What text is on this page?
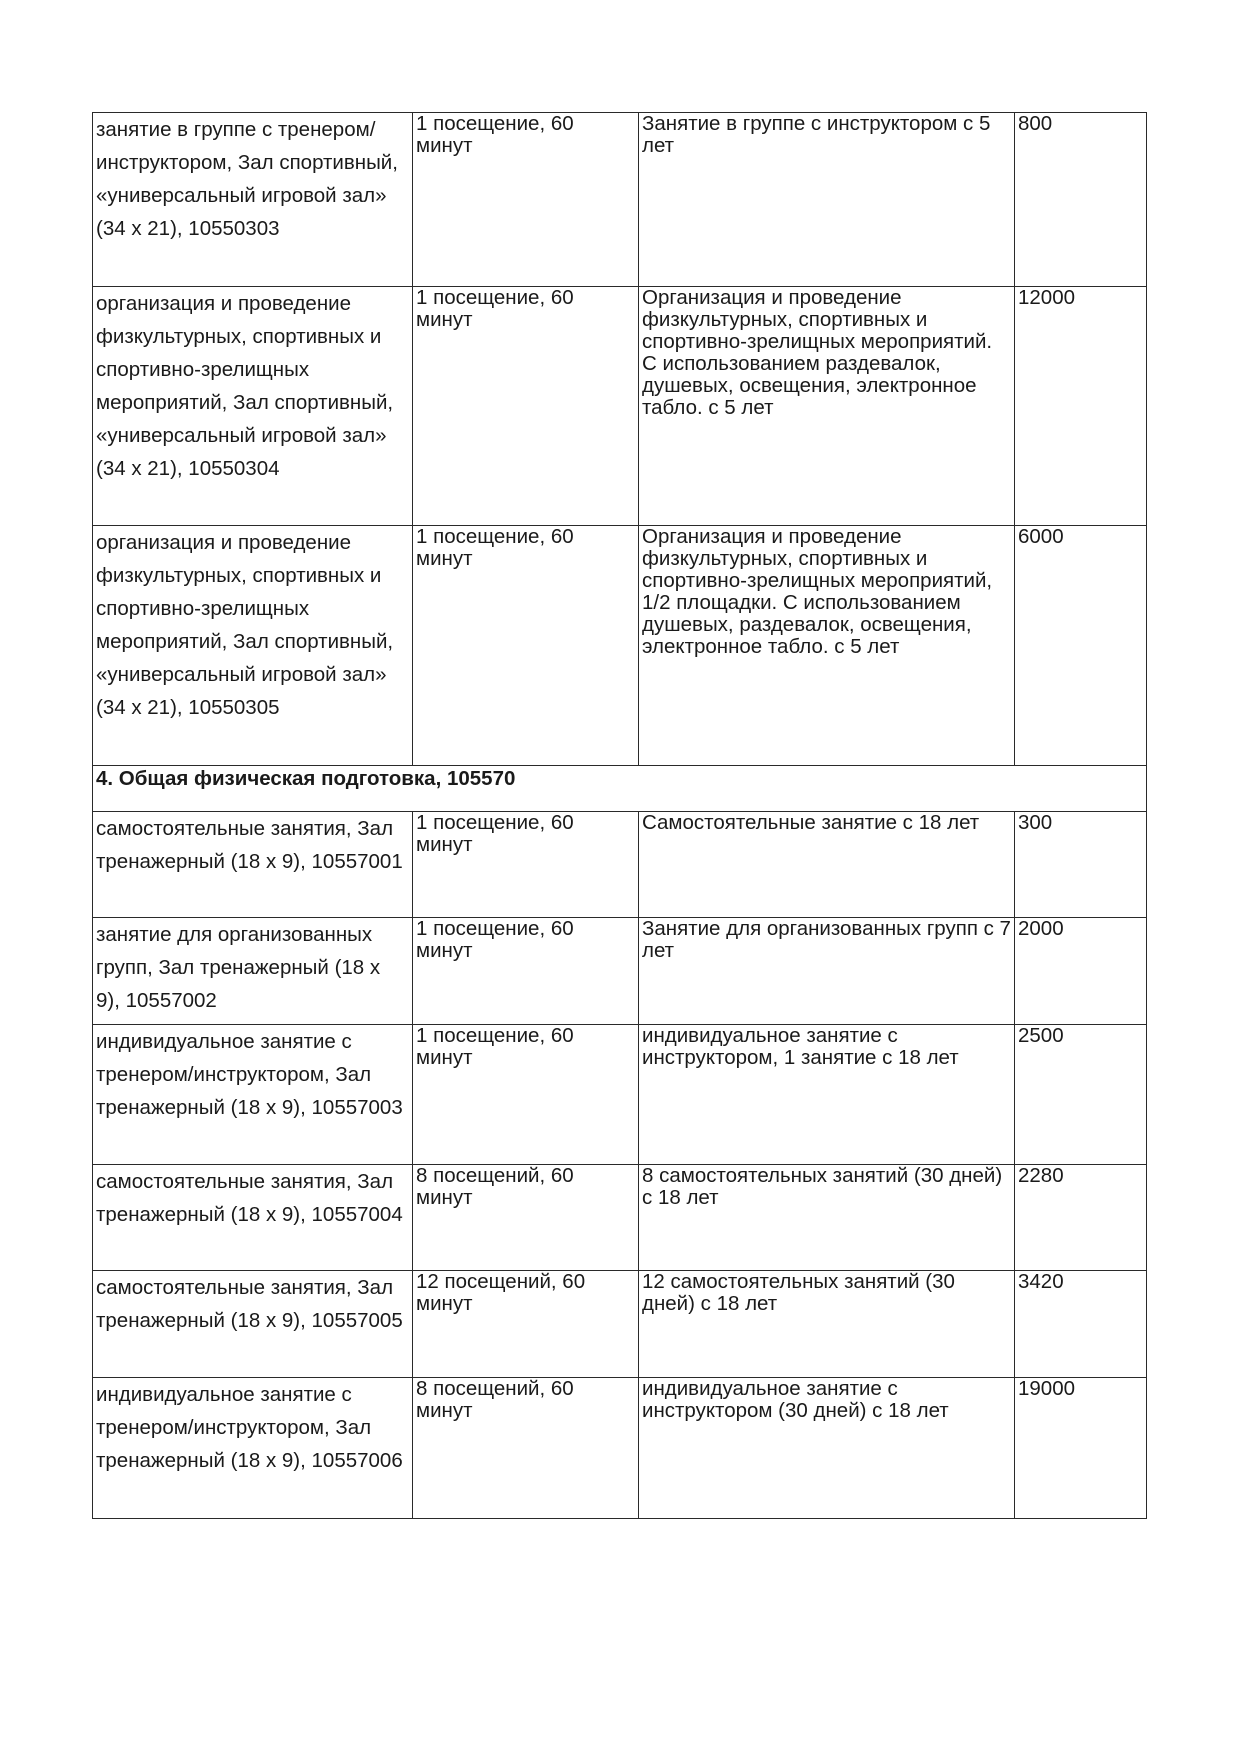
занятие в группе с тренером/инструктором, Зал спортивный, «универсальный игровой зал» (34 х 21), 10550303	1 посещение, 60 минут	Занятие в группе с инструктором с 5 лет	800
организация и проведение физкультурных, спортивных и спортивно-зрелищных мероприятий, Зал спортивный, «универсальный игровой зал» (34 х 21), 10550304	1 посещение, 60 минут	Организация и проведение физкультурных, спортивных и спортивно-зрелищных мероприятий. С использованием раздевалок, душевых, освещения, электронное табло. с 5 лет	12000
организация и проведение физкультурных, спортивных и спортивно-зрелищных мероприятий, Зал спортивный, «универсальный игровой зал» (34 х 21), 10550305	1 посещение, 60 минут	Организация и проведение физкультурных, спортивных и спортивно-зрелищных мероприятий, 1/2 площадки. С использованием душевых, раздевалок, освещения, электронное табло. с 5 лет	6000
4. Общая физическая подготовка, 105570			
самостоятельные занятия, Зал тренажерный (18 х 9), 10557001	1 посещение, 60 минут	Самостоятельные занятие с 18 лет	300
занятие для организованных групп, Зал тренажерный (18 х 9), 10557002	1 посещение, 60 минут	Занятие для организованных групп с 7 лет	2000
индивидуальное занятие с тренером/инструктором, Зал тренажерный (18 х 9), 10557003	1 посещение, 60 минут	индивидуальное занятие с инструктором, 1 занятие с 18 лет	2500
самостоятельные занятия, Зал тренажерный (18 х 9), 10557004	8 посещений, 60 минут	8 самостоятельных занятий (30 дней) с 18 лет	2280
самостоятельные занятия, Зал тренажерный (18 х 9), 10557005	12 посещений, 60 минут	12 самостоятельных занятий (30 дней) с 18 лет	3420
индивидуальное занятие с тренером/инструктором, Зал тренажерный (18 х 9), 10557006	8 посещений, 60 минут	индивидуальное занятие с инструктором (30 дней) с 18 лет	19000
